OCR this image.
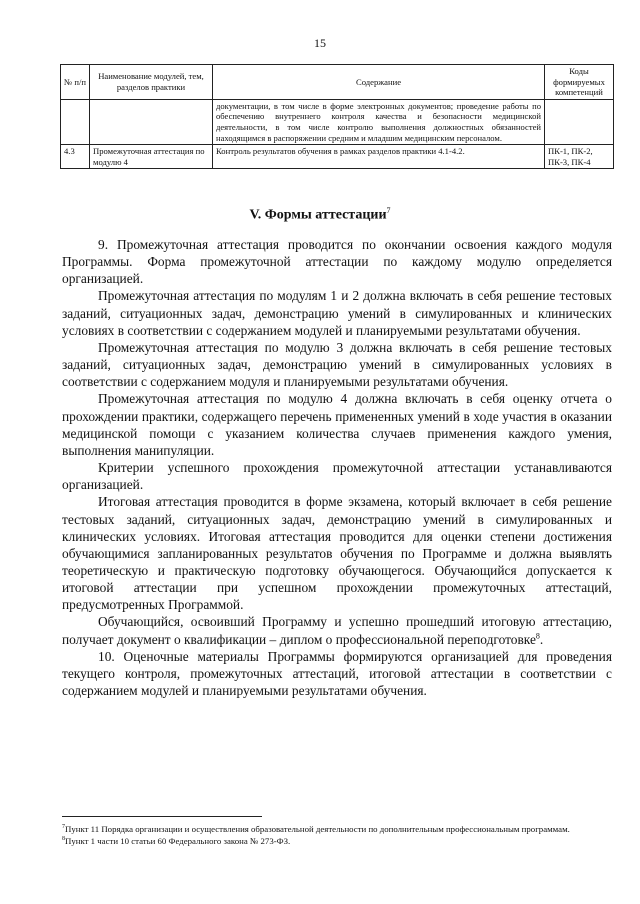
15
№ п/п	Наименование модулей, тем, разделов практики	Содержание	Коды формируемых компетенций
		документации, в том числе в форме электронных документов; проведение работы по обеспечению внутреннего контроля качества и безопасности медицинской деятельности, в том числе контролю выполнения должностных обязанностей находящимся в распоряжении средним и младшим медицинским персоналом.	
4.3	Промежуточная аттестация по модулю 4	Контроль результатов обучения в рамках разделов практики 4.1-4.2.	ПК-1, ПК-2, ПК-3, ПК-4
V. Формы аттестации$^7$

9. Промежуточная аттестация проводится по окончании освоения каждого модуля Программы. Форма промежуточной аттестации по каждому модулю определяется организацией.

Промежуточная аттестация по модулям 1 и 2 должна включать в себя решение тестовых заданий, ситуационных задач, демонстрацию умений в симулированных и клинических условиях в соответствии с содержанием модулей и планируемыми результатами обучения.

Промежуточная аттестация по модулю 3 должна включать в себя решение тестовых заданий, ситуационных задач, демонстрацию умений в симулированных условиях в соответствии с содержанием модуля и планируемыми результатами обучения.

Промежуточная аттестация по модулю 4 должна включать в себя оценку отчета о прохождении практики, содержащего перечень примененных умений в ходе участия в оказании медицинской помощи с указанием количества случаев применения каждого умения, выполнения манипуляции.

Критерии успешного прохождения промежуточной аттестации устанавливаются организацией.

Итоговая аттестация проводится в форме экзамена, который включает в себя решение тестовых заданий, ситуационных задач, демонстрацию умений в симулированных и клинических условиях. Итоговая аттестация проводится для оценки степени достижения обучающимися запланированных результатов обучения по Программе и должна выявлять теоретическую и практическую подготовку обучающегося. Обучающийся допускается к итоговой аттестации при успешном прохождении промежуточных аттестаций, предусмотренных Программой.

Обучающийся, освоивший Программу и успешно прошедший итоговую аттестацию, получает документ о квалификации – диплом о профессиональной переподготовке$^8$.

10. Оценочные материалы Программы формируются организацией для проведения текущего контроля, промежуточных аттестаций, итоговой аттестации в соответствии с содержанием модулей и планируемыми результатами обучения.

$^7$Пункт 11 Порядка организации и осуществления образовательной деятельности по дополнительным профессиональным программам.

$^8$Пункт 1 части 10 статьи 60 Федерального закона № 273-ФЗ.
